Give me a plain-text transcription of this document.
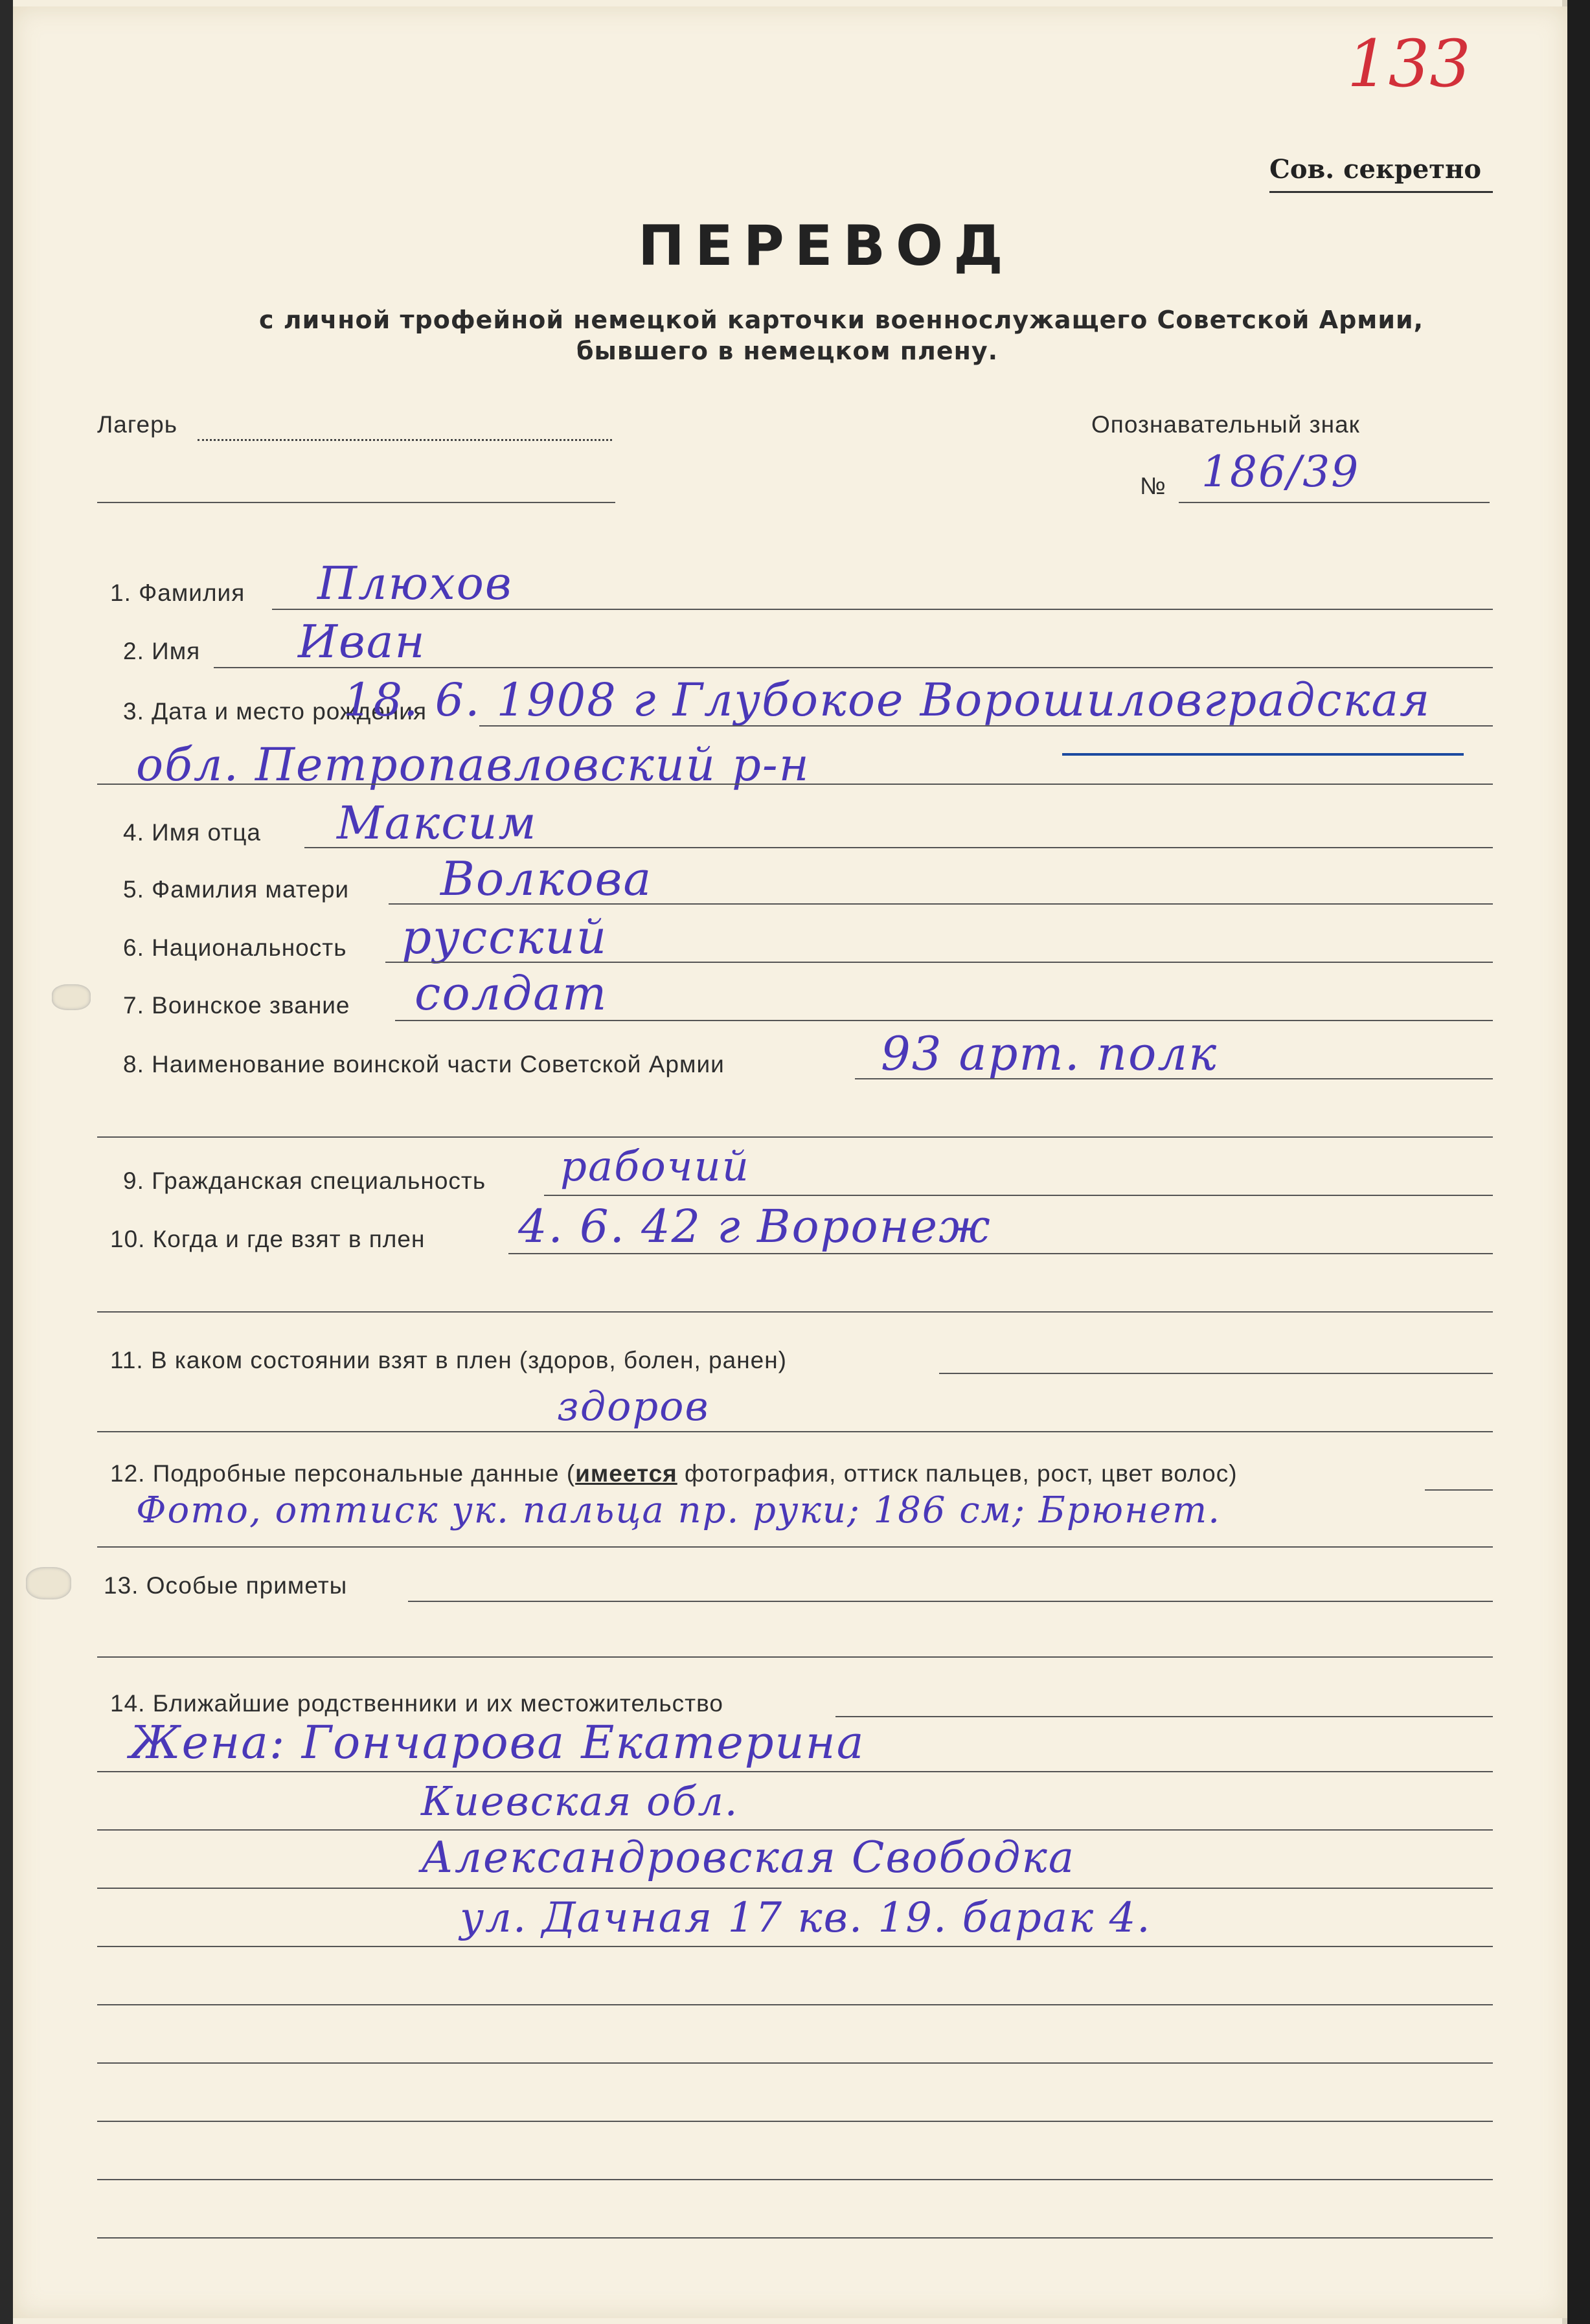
133
Сов. секретно
ПЕРЕВОД
с личной трофейной немецкой карточки военнослужащего Советской Армии,
бывшего в немецком плену.
Лагерь	Опознавательный знак
№ 186/39
1. Фамилия Плюхов
2. Имя Иван
3. Дата и место рождения
18. 6. 1908 г Глубокое Ворошиловградская
обл. Петропавловский р-н
4. Имя отца Максим
5. Фамилия матери Волкова
6. Национальность русский
7. Воинское звание солдат
8. Наименование воинской части Советской Армии	93 арт. полк
9. Гражданская специальность рабочий
10. Когда и где взят в плен 4. 6. 42 г Воронеж
11. В каком состоянии взят в плен (здоров, болен, ранен)
здоров
12. Подробные персональные данные (имеется фотография, оттиск пальцев, рост, цвет волос)
Фото, оттиск ук. пальца пр. руки; 186 см; Брюнет.
13. Особые приметы
14. Ближайшие родственники и их местожительство
Жена: Гончарова Екатерина
Киевская обл.
Александровская Свободка
ул. Дачная 17 кв. 19. барак 4.
